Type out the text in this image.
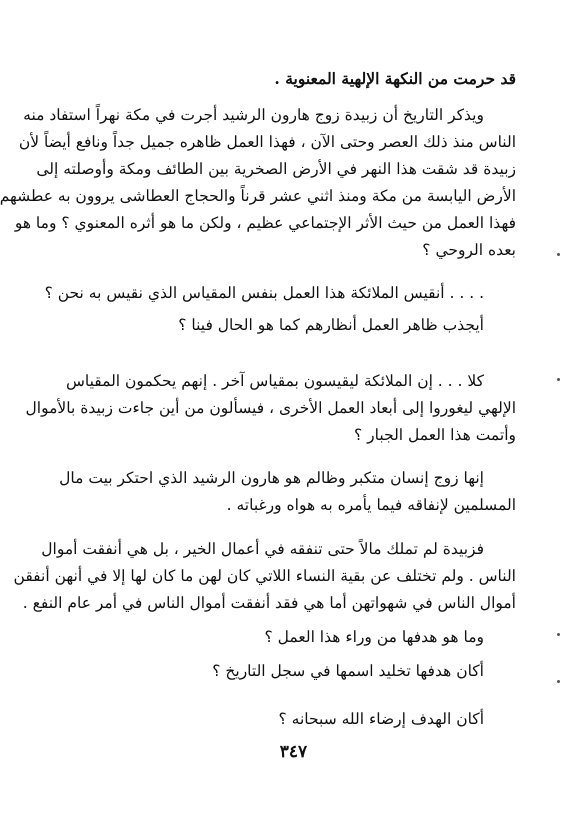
قد حرمت من النكهة الإلهية المعنوية .
ويذكر التاريخ أن زبيدة زوج هارون الرشيد أجرت في مكة نهراً استفاد منه
الناس منذ ذلك العصر وحتى الآن ، فهذا العمل ظاهره جميل جداً ونافع أيضاً لأن
زبيدة قد شقت هذا النهر في الأرض الصخرية بين الطائف ومكة وأوصلته إلى
الأرض اليابسة من مكة ومنذ اثني عشر قرناً والحجاج العطاشى يروون به عطشهم
فهذا العمل من حيث الأثر الإجتماعي عظيم ، ولكن ما هو أثره المعنوي ؟ وما هو
بعده الروحي ؟
. . . . أنقيس الملائكة هذا العمل بنفس المقياس الذي نقيس به نحن ؟
أيجذب ظاهر العمل أنظارهم كما هو الحال فينا ؟
كلا . . . إن الملائكة ليقيسون بمقياس آخر . إنهم يحكمون المقياس
الإلهي ليغوروا إلى أبعاد العمل الأخرى ، فيسألون من أين جاءت زبيدة بالأموال
وأتمت هذا العمل الجبار ؟
إنها زوج إنسان متكبر وظالم هو هارون الرشيد الذي احتكر بيت مال
المسلمين لإنفاقه فيما يأمره به هواه ورغباته .
فزبيدة لم تملك مالاً حتى تنفقه في أعمال الخير ، بل هي أنفقت أموال
الناس . ولم تختلف عن بقية النساء اللاتي كان لهن ما كان لها إلا في أنهن أنفقن
أموال الناس في شهواتهن أما هي فقد أنفقت أموال الناس في أمر عام النفع .
وما هو هدفها من وراء هذا العمل ؟
أكان هدفها تخليد اسمها في سجل التاريخ ؟
أكان الهدف إرضاء الله سبحانه ؟
٣٤٧
